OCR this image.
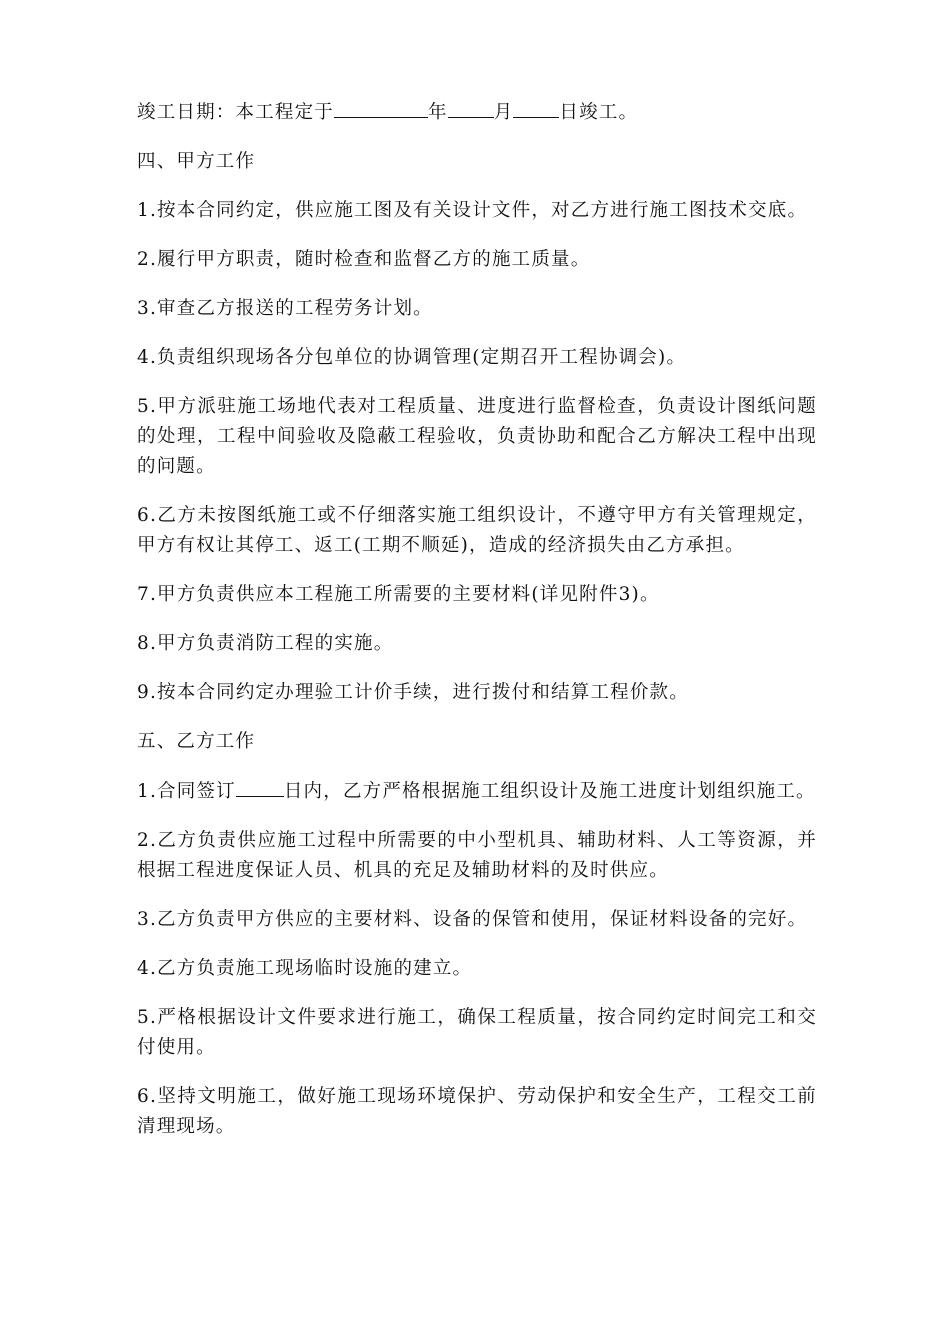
竣工日期：本工程定于	年 月 日竣工。

四、甲方工作

1.按本合同约定，供应施工图及有关设计文件，对乙方进行施工图技术交底。

2.履行甲方职责，随时检查和监督乙方的施工质量。

3.审查乙方报送的工程劳务计划。

4.负责组织现场各分包单位的协调管理(定期召开工程协调会)。

5.甲方派驻施工场地代表对工程质量、进度进行监督检查，负责设计图纸问题的处理，工程中间验收及隐蔽工程验收，负责协助和配合乙方解决工程中出现的问题。

6.乙方未按图纸施工或不仔细落实施工组织设计，不遵守甲方有关管理规定，甲方有权让其停工、返工(工期不顺延)，造成的经济损失由乙方承担。

7.甲方负责供应本工程施工所需要的主要材料(详见附件3)。

8.甲方负责消防工程的实施。

9.按本合同约定办理验工计价手续，进行拨付和结算工程价款。

五、乙方工作

1.合同签订	日内，乙方严格根据施工组织设计及施工进度计划组织施工。

2.乙方负责供应施工过程中所需要的中小型机具、辅助材料、人工等资源，并根据工程进度保证人员、机具的充足及辅助材料的及时供应。

3.乙方负责甲方供应的主要材料、设备的保管和使用，保证材料设备的完好。

4.乙方负责施工现场临时设施的建立。

5.严格根据设计文件要求进行施工，确保工程质量，按合同约定时间完工和交付使用。

6.坚持文明施工，做好施工现场环境保护、劳动保护和安全生产，工程交工前清理现场。
